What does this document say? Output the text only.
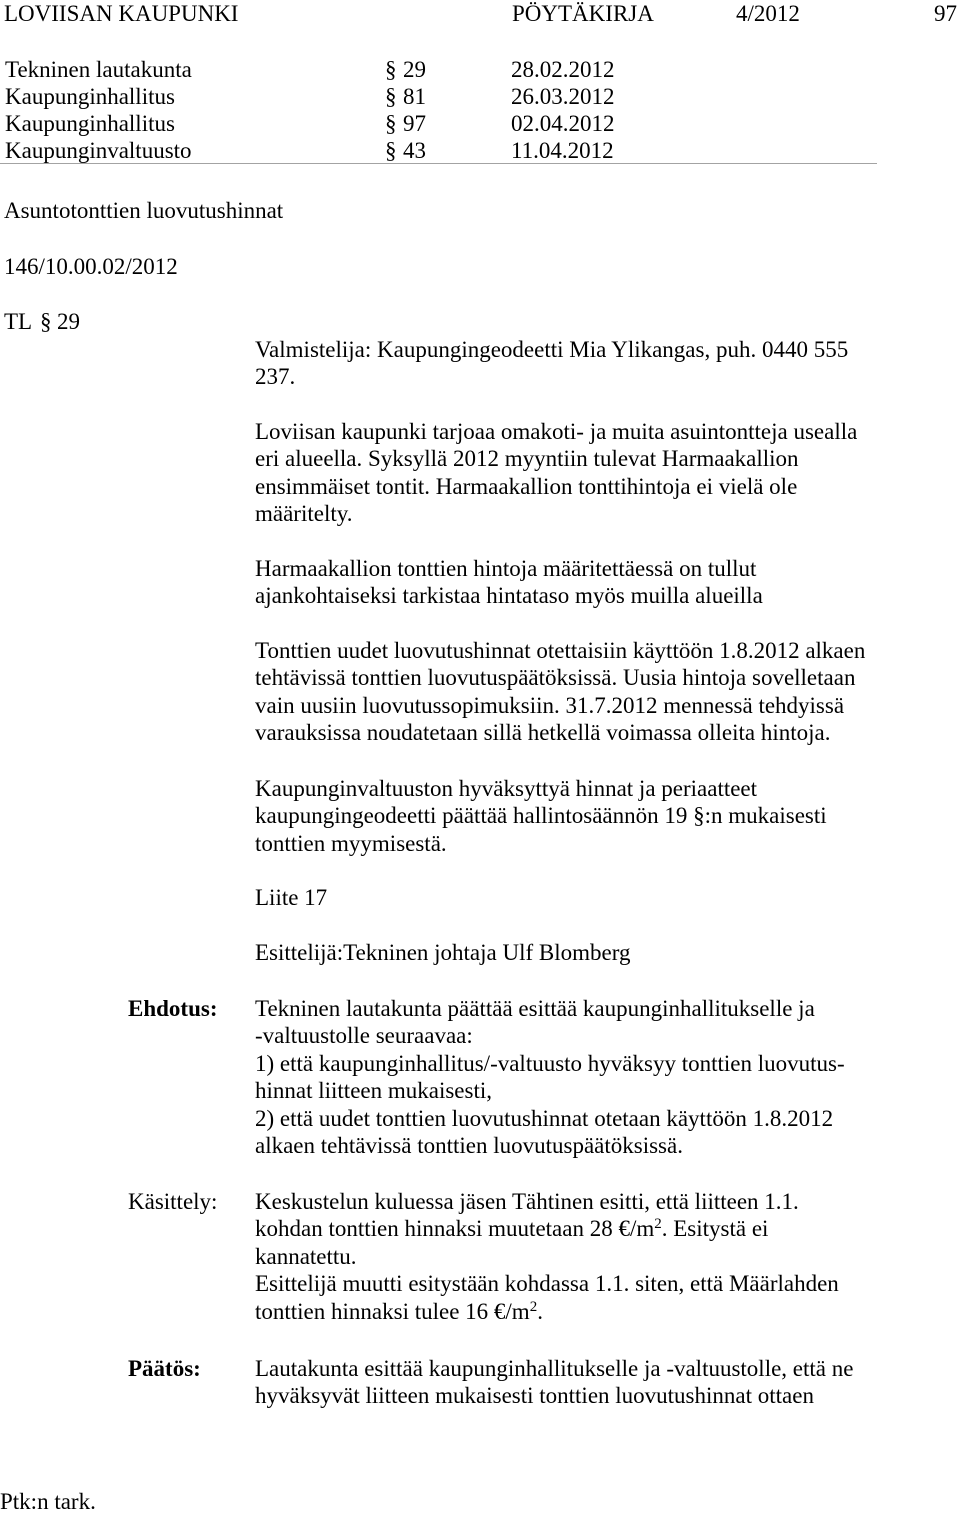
LOVIISAN KAUPUNKI	PÖYTÄKIRJA	4/2012	97
Tekninen lautakunta	§ 29	28.02.2012
Kaupunginhallitus	§ 81	26.03.2012
Kaupunginhallitus	§ 97	02.04.2012
Kaupunginvaltuusto	§ 43	11.04.2012
Asuntotonttien luovutushinnat
146/10.00.02/2012
TL § 29
Valmistelija: Kaupungingeodeetti Mia Ylikangas, puh. 0440 555
237.
Loviisan kaupunki tarjoaa omakoti- ja muita asuintontteja usealla
eri alueella. Syksyllä 2012 myyntiin tulevat Harmaakallion
ensimmäiset tontit. Harmaakallion tonttihintoja ei vielä ole
määritelty.
Harmaakallion tonttien hintoja määritettäessä on tullut
ajankohtaiseksi tarkistaa hintataso myös muilla alueilla
Tonttien uudet luovutushinnat otettaisiin käyttöön 1.8.2012 alkaen
tehtävissä tonttien luovutuspäätöksissä. Uusia hintoja sovelletaan
vain uusiin luovutussopimuksiin. 31.7.2012 mennessä tehdyissä
varauksissa noudatetaan sillä hetkellä voimassa olleita hintoja.
Kaupunginvaltuuston hyväksyttyä hinnat ja periaatteet
kaupungingeodeetti päättää hallintosäännön 19 §:n mukaisesti
tonttien myymisestä.
Liite 17
Esittelijä:Tekninen johtaja Ulf Blomberg
Ehdotus: Tekninen lautakunta päättää esittää kaupunginhallitukselle ja
-valtuustolle seuraavaa:
1) että kaupunginhallitus/-valtuusto hyväksyy tonttien luovutus-
hinnat liitteen mukaisesti,
2) että uudet tonttien luovutushinnat otetaan käyttöön 1.8.2012
alkaen tehtävissä tonttien luovutuspäätöksissä.
Käsittely: Keskustelun kuluessa jäsen Tähtinen esitti, että liitteen 1.1.
kohdan tonttien hinnaksi muutetaan 28 $€/m^2$. Esitystä ei
kannatettu.
Esittelijä muutti esitystään kohdassa 1.1. siten, että Määrlahden
tonttien hinnaksi tulee 16 $€/m^2$.
Päätös: Lautakunta esittää kaupunginhallitukselle ja -valtuustolle, että ne
hyväksyvät liitteen mukaisesti tonttien luovutushinnat ottaen
Ptk:n tark.
